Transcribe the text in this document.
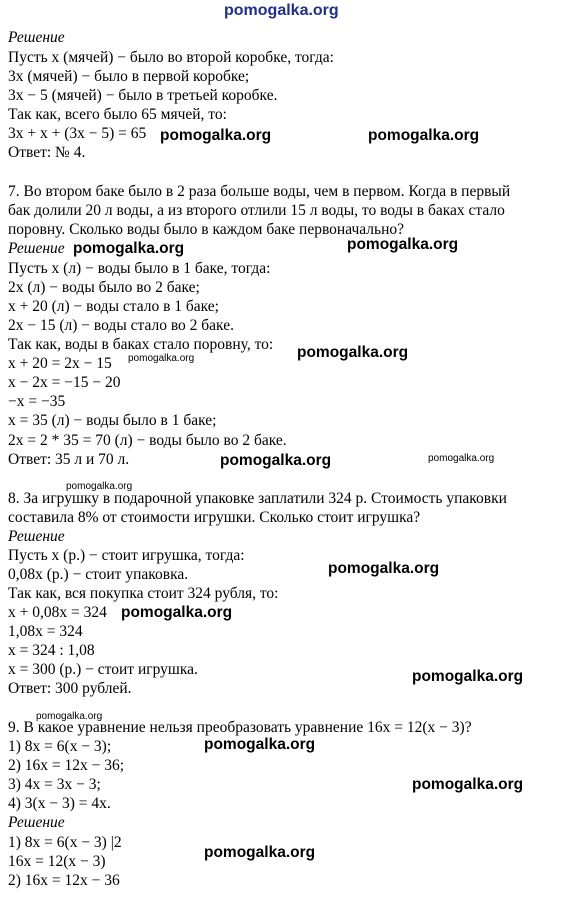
pomogalka.org
Решение
Пусть x (мячей) − было во второй коробке, тогда:
3x (мячей) − было в первой коробке;
3x − 5 (мячей) − было в третьей коробке.
Так как, всего было 65 мячей, то:
3x + x + (3x − 5) = 65
Ответ: № 4.
7. Во втором баке было в 2 раза больше воды, чем в первом. Когда в первый
бак долили 20 л воды, а из второго отлили 15 л воды, то воды в баках стало
поровну. Сколько воды было в каждом баке первоначально?
Решение
Пусть x (л) − воды было в 1 баке, тогда:
2x (л) − воды было во 2 баке;
x + 20 (л) − воды стало в 1 баке;
2x − 15 (л) − воды стало во 2 баке.
Так как, воды в баках стало поровну, то:
x + 20 = 2x − 15
x − 2x = −15 − 20
−x = −35
x = 35 (л) − воды было в 1 баке;
2x = 2 * 35 = 70 (л) − воды было во 2 баке.
Ответ: 35 л и 70 л.
8. За игрушку в подарочной упаковке заплатили 324 р. Стоимость упаковки
составила 8% от стоимости игрушки. Сколько стоит игрушка?
Решение
Пусть x (р.) − стоит игрушка, тогда:
0,08x (р.) − стоит упаковка.
Так как, вся покупка стоит 324 рубля, то:
x + 0,08x = 324
1,08x = 324
x = 324 : 1,08
x = 300 (р.) − стоит игрушка.
Ответ: 300 рублей.
9. В какое уравнение нельзя преобразовать уравнение 16x = 12(x − 3)?
1) 8x = 6(x − 3);
2) 16x = 12x − 36;
3) 4x = 3x − 3;
4) 3(x − 3) = 4x.
Решение
1) 8x = 6(x − 3) |2
16x = 12(x − 3)
2) 16x = 12x − 36
pomogalka.org	pomogalka.org
pomogalka.org	pomogalka.org
pomogalka.org
pomogalka.org
pomogalka.org	pomogalka.org
pomogalka.org
pomogalka.org
pomogalka.org
pomogalka.org
pomogalka.org
pomogalka.org
pomogalka.org
pomogalka.org
